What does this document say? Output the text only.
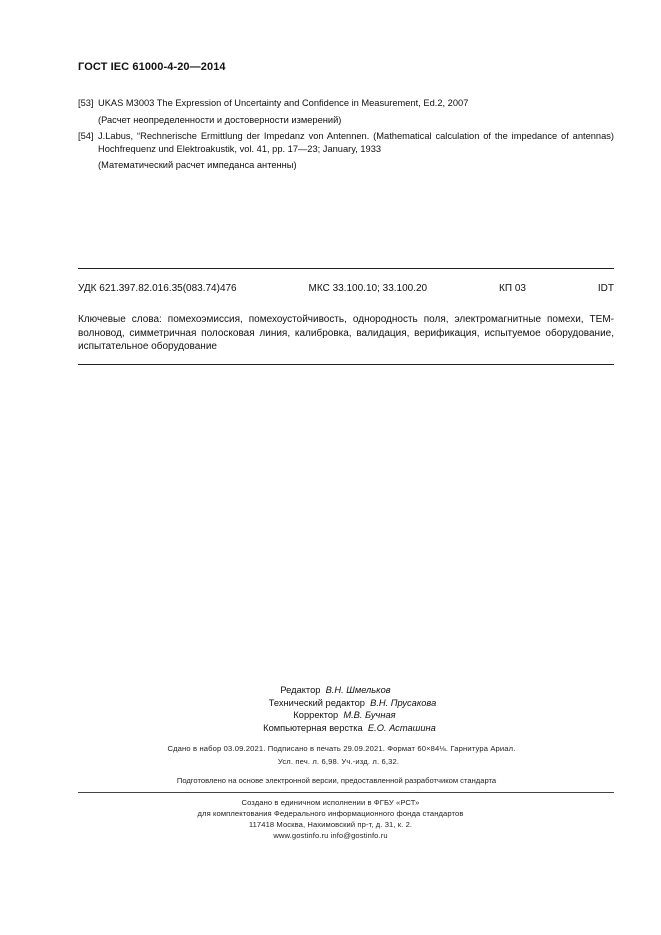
ГОСТ IEC 61000-4-20—2014
[53] UKAS M3003 The Expression of Uncertainty and Confidence in Measurement, Ed.2, 2007
(Расчет неопределенности и достоверности измерений)
[54] J.Labus, “Rechnerische Ermittlung der Impedanz von Antennen. (Mathematical calculation of the impedance of antennas) Hochfrequenz und Elektroakustik, vol. 41, pp. 17—23; January, 1933
(Математический расчет импеданса антенны)
УДК 621.397.82.016.35(083.74)476	МКС 33.100.10; 33.100.20	КП 03	IDT
Ключевые слова: помехоэмиссия, помехоустойчивость, однородность поля, электромагнитные помехи, ТЕМ-волновод, симметричная полосковая линия, калибровка, валидация, верификация, испытуемое оборудование, испытательное оборудование
Редактор В.Н. Шмельков
Технический редактор В.Н. Прусакова
Корректор М.В. Бучная
Компьютерная верстка Е.О. Асташина
Сдано в набор 03.09.2021. Подписано в печать 29.09.2021. Формат 60×84⅛. Гарнитура Ариал.
Усл. печ. л. 6,98. Уч.-изд. л. 6,32.
Подготовлено на основе электронной версии, предоставленной разработчиком стандарта
Создано в единичном исполнении в ФГБУ «РСТ»
для комплектования Федерального информационного фонда стандартов
117418 Москва, Нахимовский пр-т, д. 31, к. 2.
www.gostinfo.ru info@gostinfo.ru
